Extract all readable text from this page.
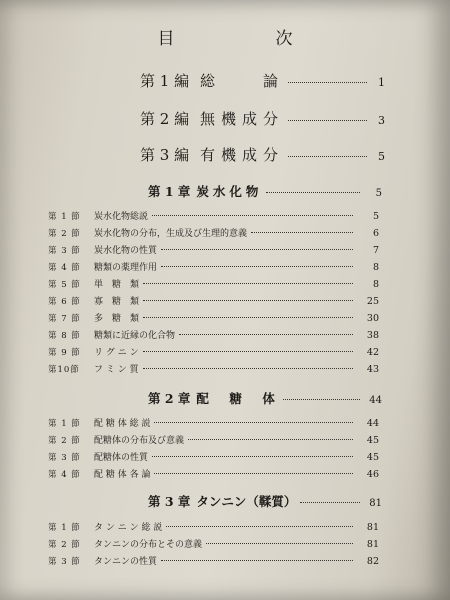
目　次
第 1 編 総　　論	1
第 2 編 無機成分	3
第 3 編 有機成分	5
第 1 章 炭水化物	5
第 1 節	炭水化物総説	5
第 2 節	炭水化物の分布，生成及び生理的意義	6
第 3 節	炭水化物の性質	7
第 4 節	糖類の薬理作用	8
第 5 節	単　糖　類	8
第 6 節	寡　糖　類	25
第 7 節	多　糖　類	30
第 8 節	糖類に近縁の化合物	38
第 9 節	リ グ ニ ン	42
第10節	フ ミ ン 質	43
第 2 章 配　糖　体	44
第 1 節	配 糖 体 総 説	44
第 2 節	配糖体の分布及び意義	45
第 3 節	配糖体の性質	45
第 4 節	配 糖 体 各 論	46
第 3 章 タンニン（鞣質）	81
第 1 節	タ ン ニ ン 総 説	81
第 2 節	タンニンの分布とその意義	81
第 3 節	タンニンの性質	82
